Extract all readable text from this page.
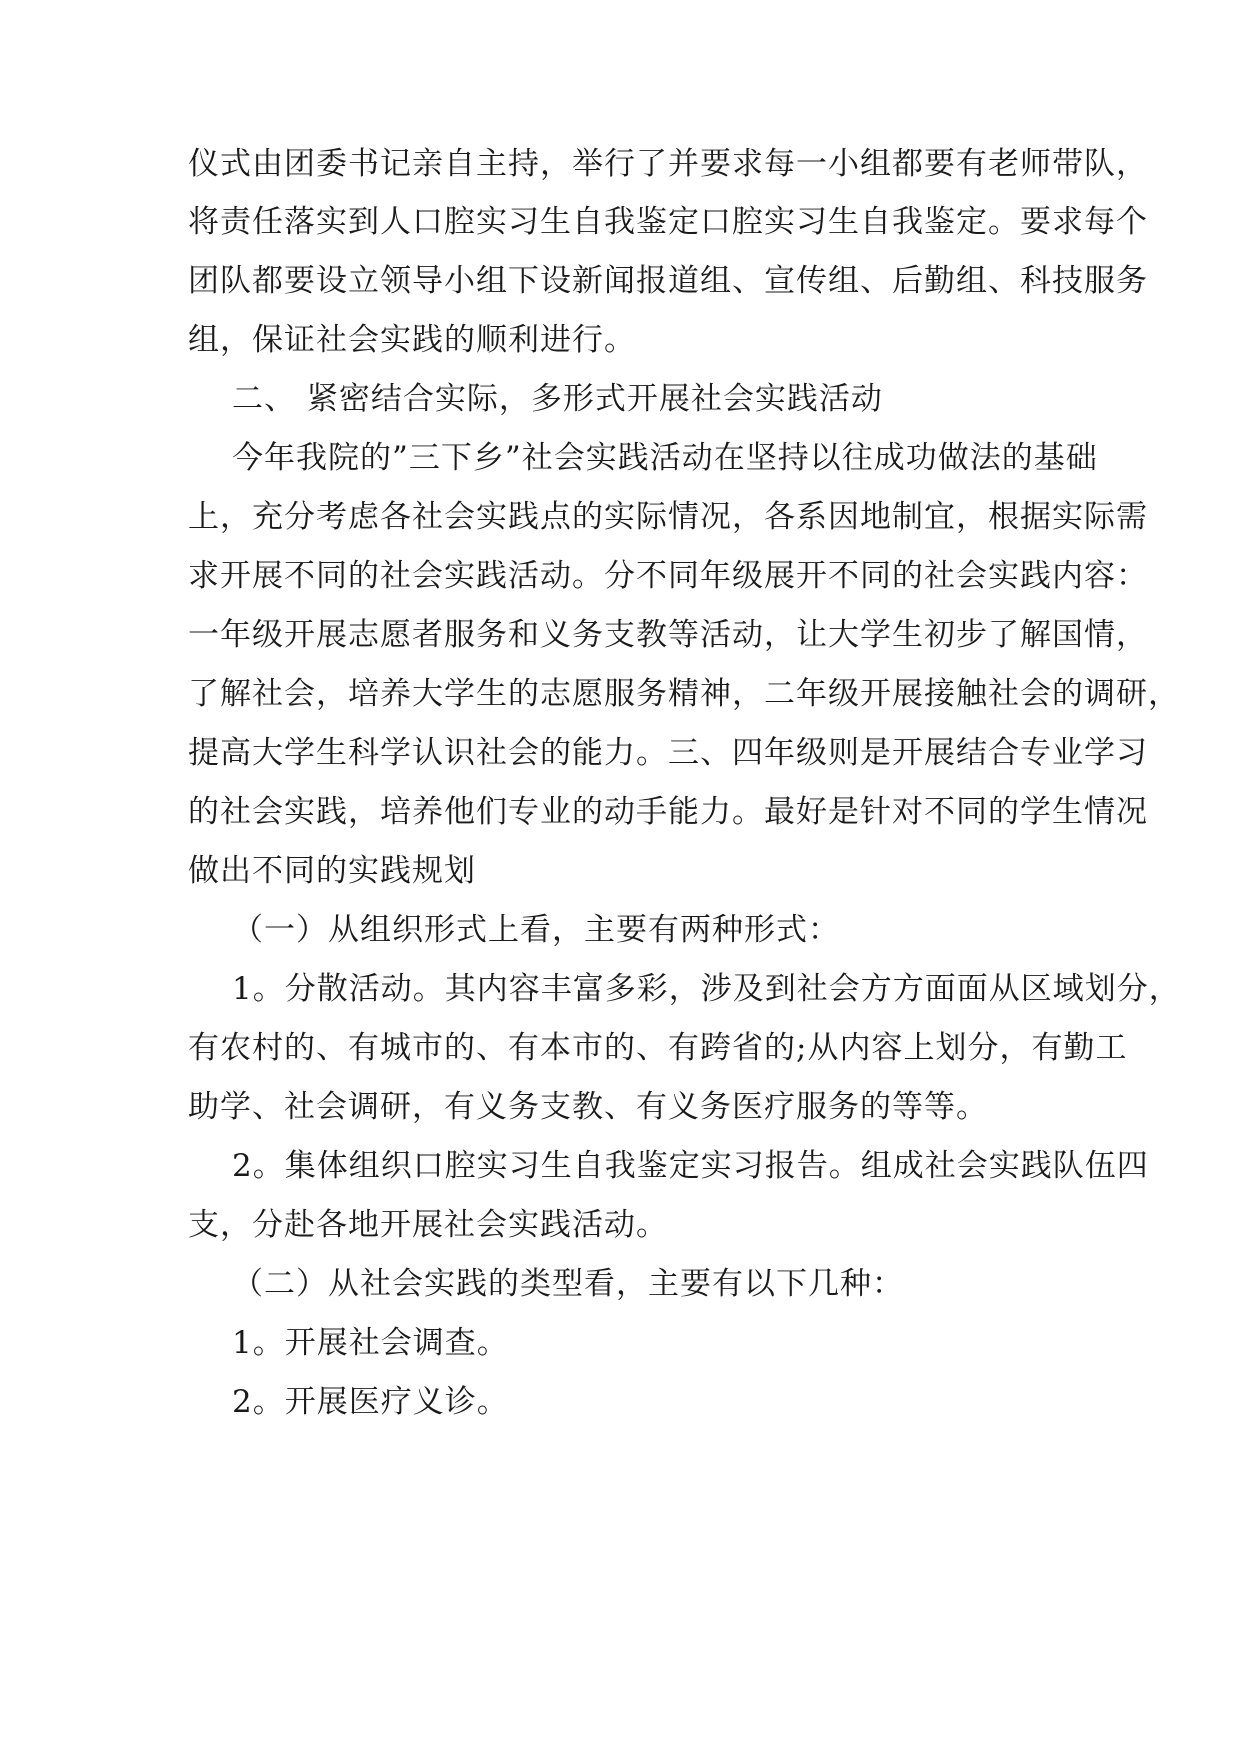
仪式由团委书记亲自主持，举行了并要求每一小组都要有老师带队，
将责任落实到人口腔实习生自我鉴定口腔实习生自我鉴定。要求每个
团队都要设立领导小组下设新闻报道组、宣传组、后勤组、科技服务
组，保证社会实践的顺利进行。
二、 紧密结合实际，多形式开展社会实践活动
今年我院的”三下乡”社会实践活动在坚持以往成功做法的基础
上，充分考虑各社会实践点的实际情况，各系因地制宜，根据实际需
求开展不同的社会实践活动。分不同年级展开不同的社会实践内容：
一年级开展志愿者服务和义务支教等活动，让大学生初步了解国情，
了解社会，培养大学生的志愿服务精神，二年级开展接触社会的调研，
提高大学生科学认识社会的能力。三、四年级则是开展结合专业学习
的社会实践，培养他们专业的动手能力。最好是针对不同的学生情况
做出不同的实践规划
（一）从组织形式上看，主要有两种形式：
1。分散活动。其内容丰富多彩，涉及到社会方方面面从区域划分，
有农村的、有城市的、有本市的、有跨省的;从内容上划分，有勤工
助学、社会调研，有义务支教、有义务医疗服务的等等。
2。集体组织口腔实习生自我鉴定实习报告。组成社会实践队伍四
支，分赴各地开展社会实践活动。
（二）从社会实践的类型看，主要有以下几种：
1。开展社会调查。
2。开展医疗义诊。
